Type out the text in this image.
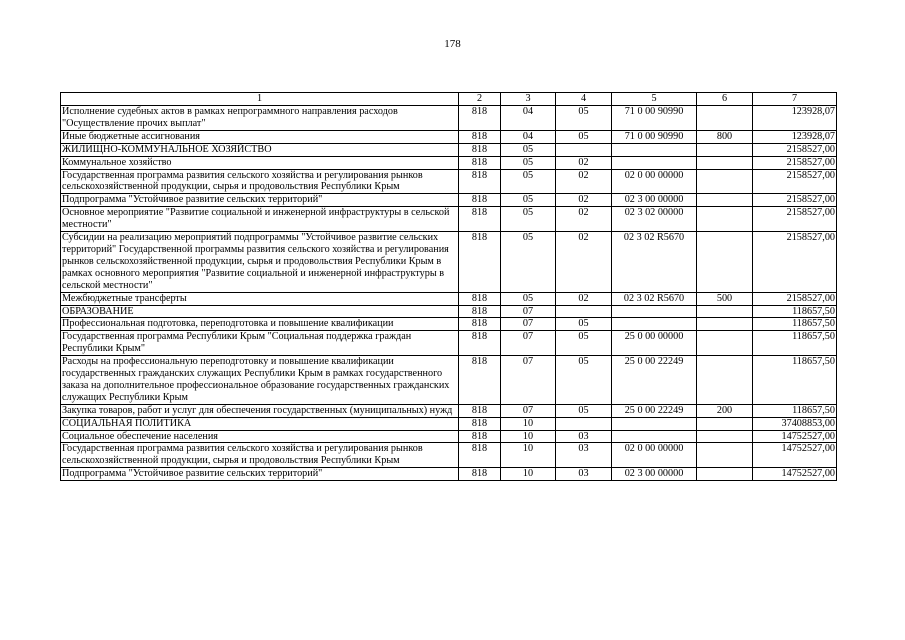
178
1	2	3	4	5	6	7
Исполнение судебных актов в рамках непрограммного направления расходов "Осуществление прочих выплат"	818	04	05	71 0 00 90990		123928,07
Иные бюджетные ассигнования	818	04	05	71 0 00 90990	800	123928,07
ЖИЛИЩНО-КОММУНАЛЬНОЕ ХОЗЯЙСТВО	818	05				2158527,00
Коммунальное хозяйство	818	05	02			2158527,00
Государственная программа развития сельского хозяйства и регулирования рынков сельскохозяйственной продукции, сырья и продовольствия Республики Крым	818	05	02	02 0 00 00000		2158527,00
Подпрограмма "Устойчивое развитие сельских территорий"	818	05	02	02 3 00 00000		2158527,00
Основное мероприятие "Развитие социальной и инженерной инфраструктуры в сельской местности"	818	05	02	02 3 02 00000		2158527,00
Субсидии на реализацию мероприятий подпрограммы "Устойчивое развитие сельских территорий" Государственной программы развития сельского хозяйства и регулирования рынков сельскохозяйственной продукции, сырья и продовольствия Республики Крым в рамках основного мероприятия "Развитие социальной и инженерной инфраструктуры в сельской местности"	818	05	02	02 3 02 R5670		2158527,00
Межбюджетные трансферты	818	05	02	02 3 02 R5670	500	2158527,00
ОБРАЗОВАНИЕ	818	07				118657,50
Профессиональная подготовка, переподготовка и повышение квалификации	818	07	05			118657,50
Государственная программа Республики Крым "Социальная поддержка граждан Республики Крым"	818	07	05	25 0 00 00000		118657,50
Расходы на профессиональную переподготовку и повышение квалификации государственных гражданских служащих Республики Крым в рамках государственного заказа на дополнительное профессиональное образование государственных гражданских служащих Республики Крым	818	07	05	25 0 00 22249		118657,50
Закупка товаров, работ и услуг для обеспечения государственных (муниципальных) нужд	818	07	05	25 0 00 22249	200	118657,50
СОЦИАЛЬНАЯ ПОЛИТИКА	818	10				37408853,00
Социальное обеспечение населения	818	10	03			14752527,00
Государственная программа развития сельского хозяйства и регулирования рынков сельскохозяйственной продукции, сырья и продовольствия Республики Крым	818	10	03	02 0 00 00000		14752527,00
Подпрограмма "Устойчивое развитие сельских территорий"	818	10	03	02 3 00 00000		14752527,00
